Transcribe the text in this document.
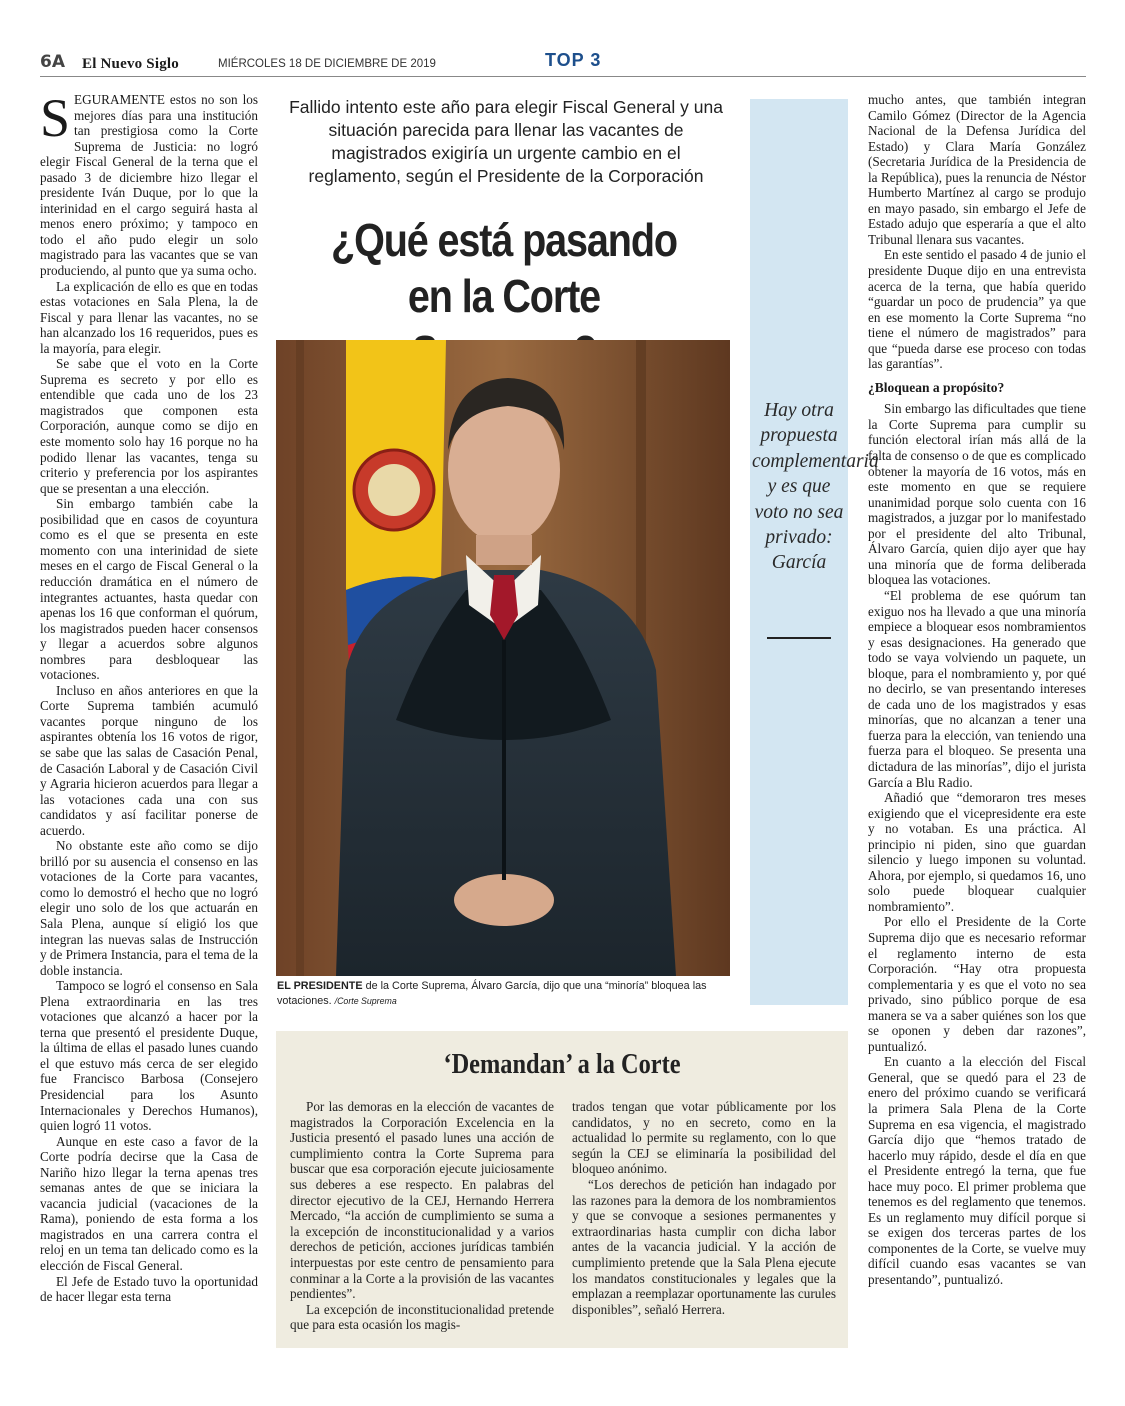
6A El Nuevo Siglo	MIÉRCOLES 18 DE DICIEMBRE DE 2019	TOP 3

SEGURAMENTE estos no son los mejores días para una institución tan prestigiosa como la Corte Suprema de Justicia: no logró elegir Fiscal General de la terna que el pasado 3 de diciembre hizo llegar el presidente Iván Duque, por lo que la interinidad en el cargo seguirá hasta al menos enero próximo; y tampoco en todo el año pudo elegir un solo magistrado para las vacantes que se van produciendo, al punto que ya suma ocho.

La explicación de ello es que en todas estas votaciones en Sala Plena, la de Fiscal y para llenar las vacantes, no se han alcanzado los 16 requeridos, pues es la mayoría, para elegir.

Se sabe que el voto en la Corte Suprema es secreto y por ello es entendible que cada uno de los 23 magistrados que componen esta Corporación, aunque como se dijo en este momento solo hay 16 porque no ha podido llenar las vacantes, tenga su criterio y preferencia por los aspirantes que se presentan a una elección.

Sin embargo también cabe la posibilidad que en casos de coyuntura como es el que se presenta en este momento con una interinidad de siete meses en el cargo de Fiscal General o la reducción dramática en el número de integrantes actuantes, hasta quedar con apenas los 16 que conforman el quórum, los magistrados pueden hacer consensos y llegar a acuerdos sobre algunos nombres para desbloquear las votaciones.

Incluso en años anteriores en que la Corte Suprema también acumuló vacantes porque ninguno de los aspirantes obtenía los 16 votos de rigor, se sabe que las salas de Casación Penal, de Casación Laboral y de Casación Civil y Agraria hicieron acuerdos para llegar a las votaciones cada una con sus candidatos y así facilitar ponerse de acuerdo.

No obstante este año como se dijo brilló por su ausencia el consenso en las votaciones de la Corte para vacantes, como lo demostró el hecho que no logró elegir uno solo de los que actuarán en Sala Plena, aunque sí eligió los que integran las nuevas salas de Instrucción y de Primera Instancia, para el tema de la doble instancia.

Tampoco se logró el consenso en Sala Plena extraordinaria en las tres votaciones que alcanzó a hacer por la terna que presentó el presidente Duque, la última de ellas el pasado lunes cuando el que estuvo más cerca de ser elegido fue Francisco Barbosa (Consejero Presidencial para los Asunto Internacionales y Derechos Humanos), quien logró 11 votos.

Aunque en este caso a favor de la Corte podría decirse que la Casa de Nariño hizo llegar la terna apenas tres semanas antes de que se iniciara la vacancia judicial (vacaciones de la Rama), poniendo de esta forma a los magistrados en una carrera contra el reloj en un tema tan delicado como es la elección de Fiscal General.

El Jefe de Estado tuvo la oportunidad de hacer llegar esta terna

Fallido intento este año para elegir Fiscal General y una situación parecida para llenar las vacantes de magistrados exigiría un urgente cambio en el reglamento, según el Presidente de la Corporación
¿Qué está pasando en la Corte
EL PRESIDENTE de la Corte Suprema, Álvaro García, dijo que una “minoría” bloquea las votaciones. /Corte Suprema
Hay otra propuesta complementaria y es que voto no sea privado: García

mucho antes, que también integran Camilo Gómez (Director de la Agencia Nacional de la Defensa Jurídica del Estado) y Clara María González (Secretaria Jurídica de la Presidencia de la República), pues la renuncia de Néstor Humberto Martínez al cargo se produjo en mayo pasado, sin embargo el Jefe de Estado adujo que esperaría a que el alto Tribunal llenara sus vacantes.

En este sentido el pasado 4 de junio el presidente Duque dijo en una entrevista acerca de la terna, que había querido “guardar un poco de prudencia” ya que en ese momento la Corte Suprema “no tiene el número de magistrados” para que “pueda darse ese proceso con todas las garantías”.

¿Bloquean a propósito?

Sin embargo las dificultades que tiene la Corte Suprema para cumplir su función electoral irían más allá de la falta de consenso o de que es complicado obtener la mayoría de 16 votos, más en este momento en que se requiere unanimidad porque solo cuenta con 16 magistrados, a juzgar por lo manifestado por el presidente del alto Tribunal, Álvaro García, quien dijo ayer que hay una minoría que de forma deliberada bloquea las votaciones.

“El problema de ese quórum tan exiguo nos ha llevado a que una minoría empiece a bloquear esos nombramientos y esas designaciones. Ha generado que todo se vaya volviendo un paquete, un bloque, para el nombramiento y, por qué no decirlo, se van presentando intereses de cada uno de los magistrados y esas minorías, que no alcanzan a tener una fuerza para la elección, van teniendo una fuerza para el bloqueo. Se presenta una dictadura de las minorías”, dijo el jurista García a Blu Radio.

Añadió que “demoraron tres meses exigiendo que el vicepresidente era este y no votaban. Es una práctica. Al principio ni piden, sino que guardan silencio y luego imponen su voluntad. Ahora, por ejemplo, si quedamos 16, uno solo puede bloquear cualquier nombramiento”.

Por ello el Presidente de la Corte Suprema dijo que es necesario reformar el reglamento interno de esta Corporación. “Hay otra propuesta complementaria y es que el voto no sea privado, sino público porque de esa manera se va a saber quiénes son los que se oponen y deben dar razones”, puntualizó.

En cuanto a la elección del Fiscal General, que se quedó para el 23 de enero del próximo cuando se verificará la primera Sala Plena de la Corte Suprema en esa vigencia, el magistrado García dijo que “hemos tratado de hacerlo muy rápido, desde el día en que el Presidente entregó la terna, que fue hace muy poco. El primer problema que tenemos es del reglamento que tenemos. Es un reglamento muy difícil porque si se exigen dos terceras partes de los componentes de la Corte, se vuelve muy difícil cuando esas vacantes se van presentando”, puntualizó.

‘Demandan’ a la Corte

Por las demoras en la elección de vacantes de magistrados la Corporación Excelencia en la Justicia presentó el pasado lunes una acción de cumplimiento contra la Corte Suprema para buscar que esa corporación ejecute juiciosamente sus deberes a ese respecto. En palabras del director ejecutivo de la CEJ, Hernando Herrera Mercado, “la acción de cumplimiento se suma a la excepción de inconstitucionalidad y a varios derechos de petición, acciones jurídicas también interpuestas por este centro de pensamiento para conminar a la Corte a la provisión de las vacantes pendientes”.

La excepción de inconstitucionalidad pretende que para esta ocasión los magis-

trados tengan que votar públicamente por los candidatos, y no en secreto, como en la actualidad lo permite su reglamento, con lo que según la CEJ se eliminaría la posibilidad del bloqueo anónimo.

“Los derechos de petición han indagado por las razones para la demora de los nombramientos y que se convoque a sesiones permanentes y extraordinarias hasta cumplir con dicha labor antes de la vacancia judicial. Y la acción de cumplimiento pretende que la Sala Plena ejecute los mandatos constitucionales y legales que la emplazan a reemplazar oportunamente las curules disponibles”, señaló Herrera.
